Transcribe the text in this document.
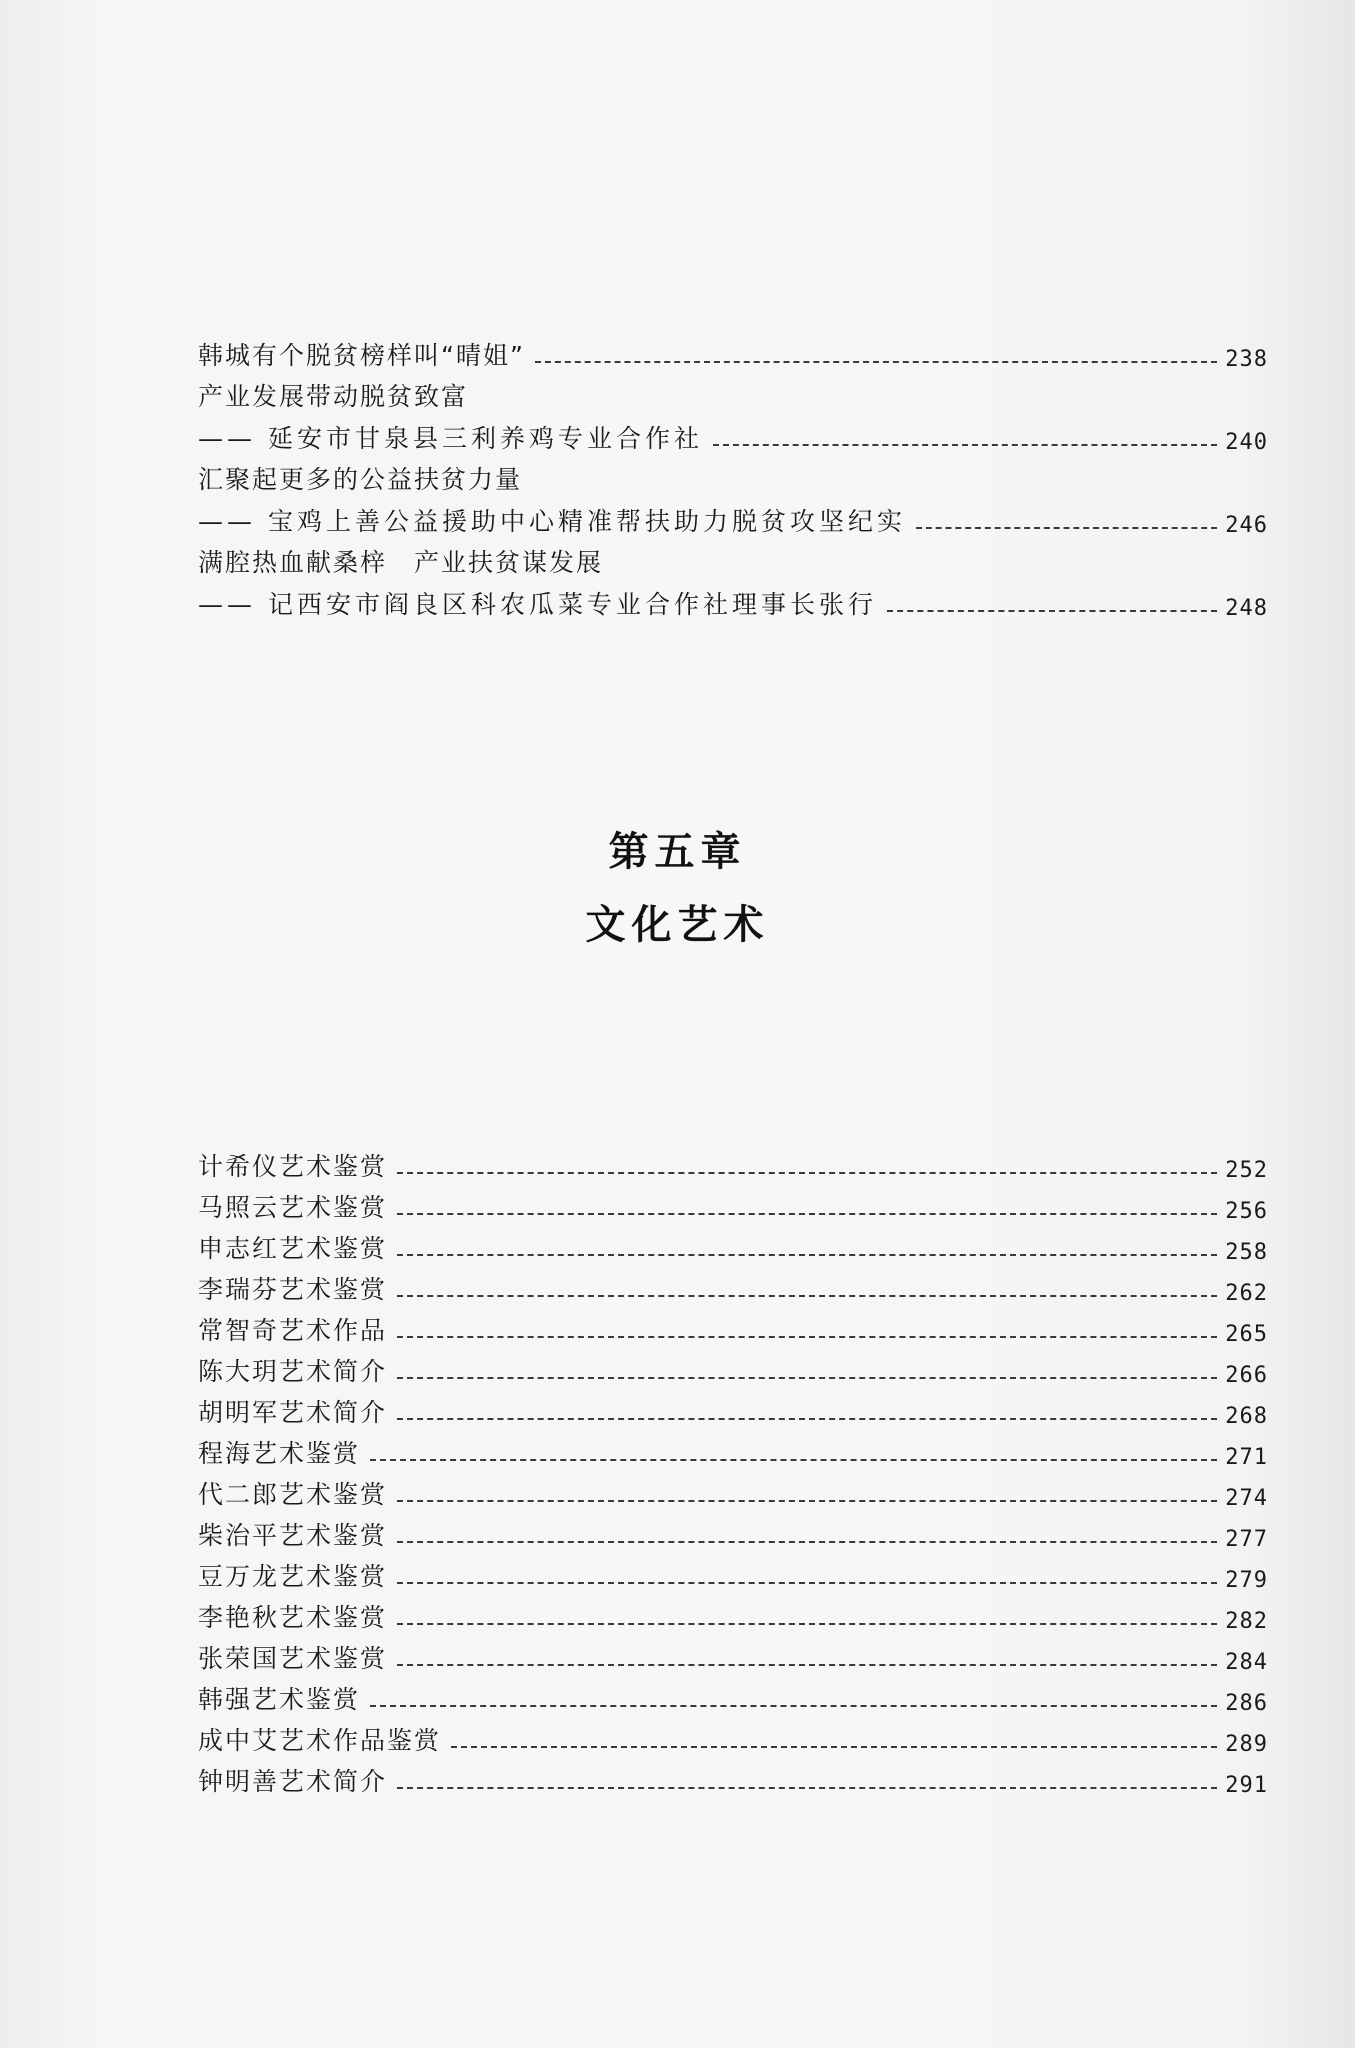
韩城有个脱贫榜样叫“晴姐”	238
产业发展带动脱贫致富
—— 延安市甘泉县三利养鸡专业合作社	240
汇聚起更多的公益扶贫力量
—— 宝鸡上善公益援助中心精准帮扶助力脱贫攻坚纪实	246
满腔热血献桑梓　产业扶贫谋发展
—— 记西安市阎良区科农瓜菜专业合作社理事长张行	248
第五章
文化艺术
计希仪艺术鉴赏	252
马照云艺术鉴赏	256
申志红艺术鉴赏	258
李瑞芬艺术鉴赏	262
常智奇艺术作品	265
陈大玥艺术简介	266
胡明军艺术简介	268
程海艺术鉴赏	271
代二郎艺术鉴赏	274
柴治平艺术鉴赏	277
豆万龙艺术鉴赏	279
李艳秋艺术鉴赏	282
张荣国艺术鉴赏	284
韩强艺术鉴赏	286
成中艾艺术作品鉴赏	289
钟明善艺术简介	291
